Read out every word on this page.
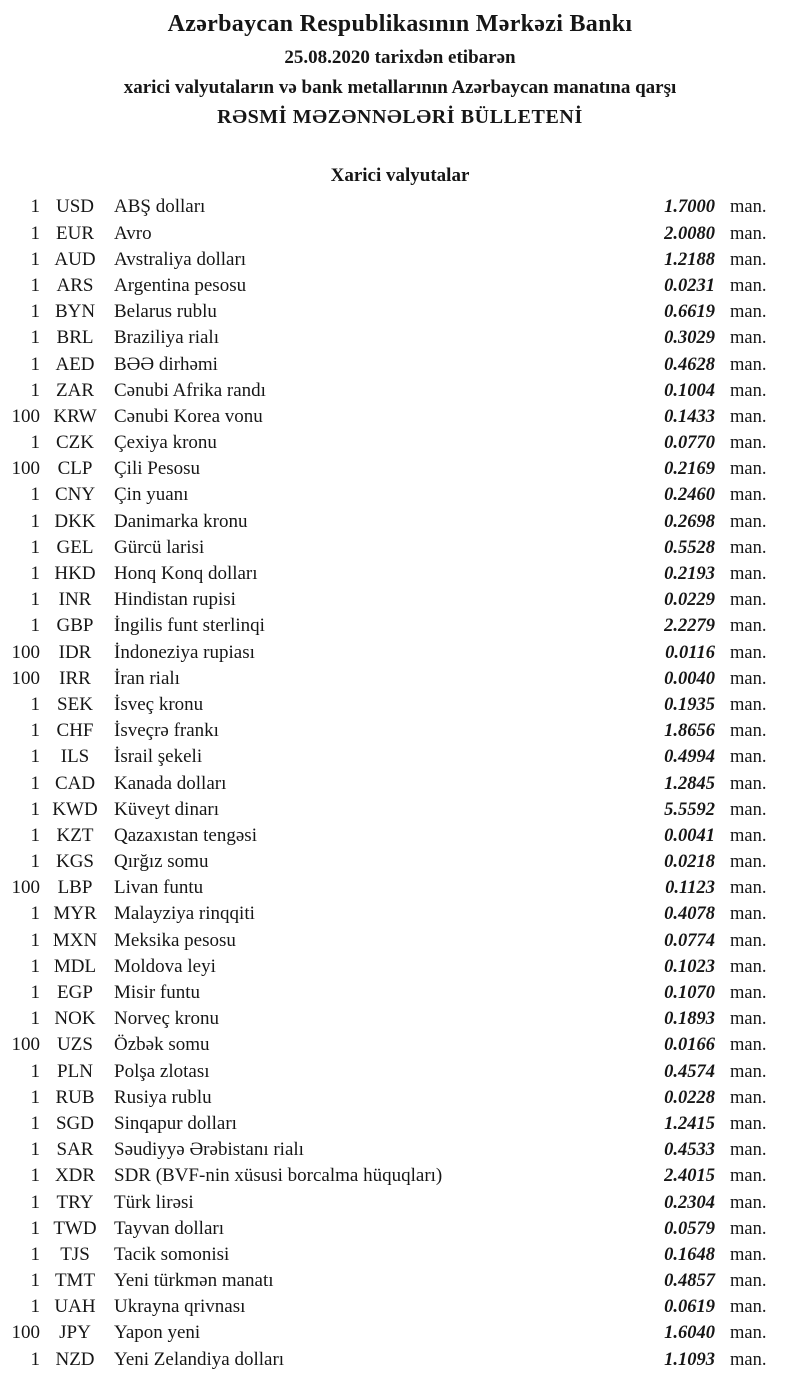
Azərbaycan Respublikasının Mərkəzi Bankı
25.08.2020 tarixdən etibarən
xarici valyutaların və bank metallarının Azərbaycan manatına qarşı
RƏSMİ MƏZƏNNƏLƏRİ BÜLLETENİ
Xarici valyutalar
1 USD	ABŞ dolları	1.7000 man.
1 EUR	Avro	2.0080 man.
1 AUD Avstraliya dolları	1.2188 man.
1 ARS	Argentina pesosu	0.0231 man.
1 BYN Belarus rublu	0.6619 man.
1 BRL	Braziliya rialı	0.3029 man.
1 AED	BƏƏ dirhəmi	0.4628 man.
1 ZAR	Cənubi Afrika randı	0.1004 man.
100 KRW Cənubi Korea vonu	0.1433 man.
1 CZK	Çexiya kronu	0.0770 man.
100 CLP	Çili Pesosu	0.2169 man.
1 CNY Çin yuanı	0.2460 man.
1 DKK Danimarka kronu	0.2698 man.
1 GEL	Gürcü larisi	0.5528 man.
1 HKD Honq Konq dolları	0.2193 man.
1 INR	Hindistan rupisi	0.0229 man.
1 GBP	İngilis funt sterlinqi	2.2279 man.
100 IDR	İndoneziya rupiası	0.0116 man.
100	IRR	İran rialı	0.0040 man.
1 SEK	İsveç kronu	0.1935 man.
1 CHF	İsveçrə frankı	1.8656 man.
1	ILS	İsrail şekeli	0.4994 man.
1 CAD Kanada dolları	1.2845 man.
1 KWD Küveyt dinarı	5.5592 man.
1 KZT	Qazaxıstan tengəsi	0.0041 man.
1 KGS	Qırğız somu	0.0218 man.
100 LBP	Livan funtu	0.1123 man.
1 MYR Malayziya rinqqiti	0.4078 man.
1 MXN Meksika pesosu	0.0774 man.
1 MDL Moldova leyi	0.1023 man.
1 EGP	Misir funtu	0.1070 man.
1 NOK Norveç kronu	0.1893 man.
100 UZS	Özbək somu	0.0166 man.
1 PLN	Polşa zlotası	0.4574 man.
1 RUB	Rusiya rublu	0.0228 man.
1 SGD	Sinqapur dolları	1.2415 man.
1 SAR	Səudiyyə Ərəbistanı rialı	0.4533 man.
1 XDR SDR (BVF-nin xüsusi borcalma hüquqları)	2.4015 man.
1 TRY	Türk lirəsi	0.2304 man.
1 TWD Tayvan dolları	0.0579 man.
1	TJS	Tacik somonisi	0.1648 man.
1 TMT Yeni türkmən manatı	0.4857 man.
1 UAH Ukrayna qrivnası	0.0619 man.
100	JPY	Yapon yeni	1.6040 man.
1 NZD	Yeni Zelandiya dolları	1.1093 man.
